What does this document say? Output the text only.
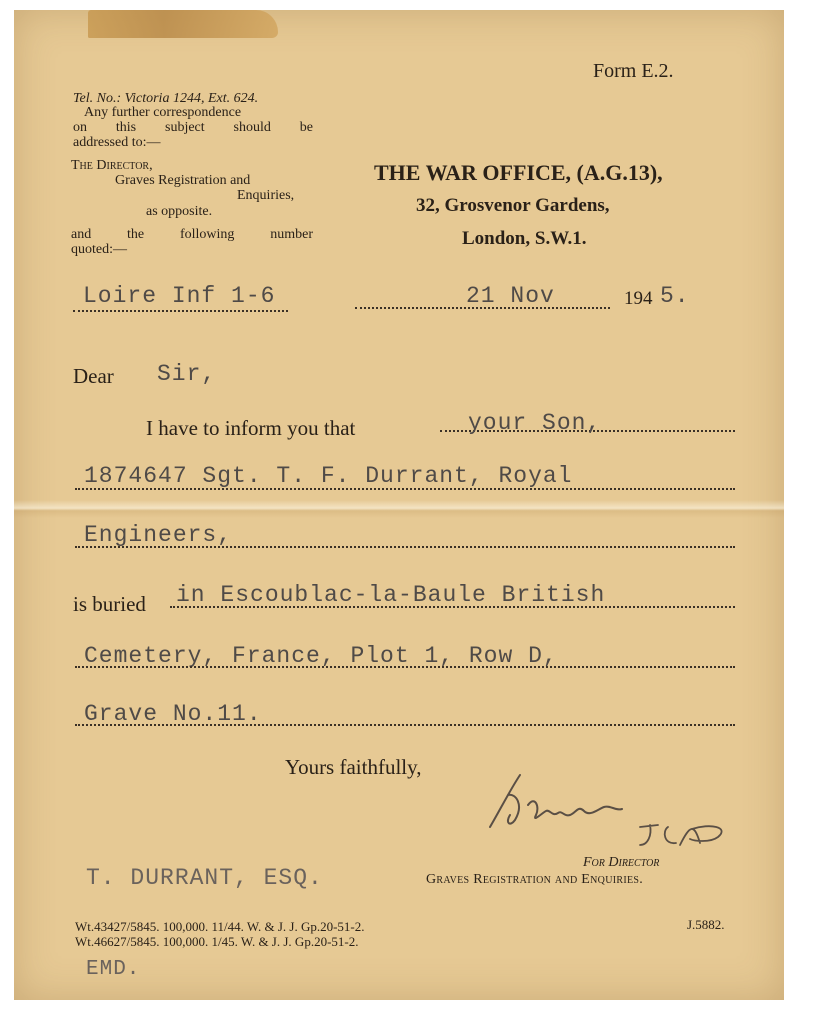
Form E.2.
Tel. No.: Victoria 1244, Ext. 624.
Any further correspondence
on this subject should be
addressed to:—
The Director,
Graves Registration and
Enquiries,
as opposite.
and the following number
quoted:—
THE WAR OFFICE, (A.G.13),
32, Grosvenor Gardens,
London, S.W.1.
Loire Inf 1-6	21 Nov	194 5.
Dear Sir,
I have to inform you that	your Son,
1874647 Sgt. T. F. Durrant, Royal
Engineers,
is buried in Escoublac-la-Baule British
Cemetery, France, Plot 1, Row D,
Grave No.11.
Yours faithfully,
For Director
Graves Registration and Enquiries.
T. DURRANT, ESQ.
Wt.43427/5845. 100,000. 11/44. W. & J. J. Gp.20-51-2.
Wt.46627/5845. 100,000. 1/45. W. & J. J. Gp.20-51-2.
J.5882.
EMD.
